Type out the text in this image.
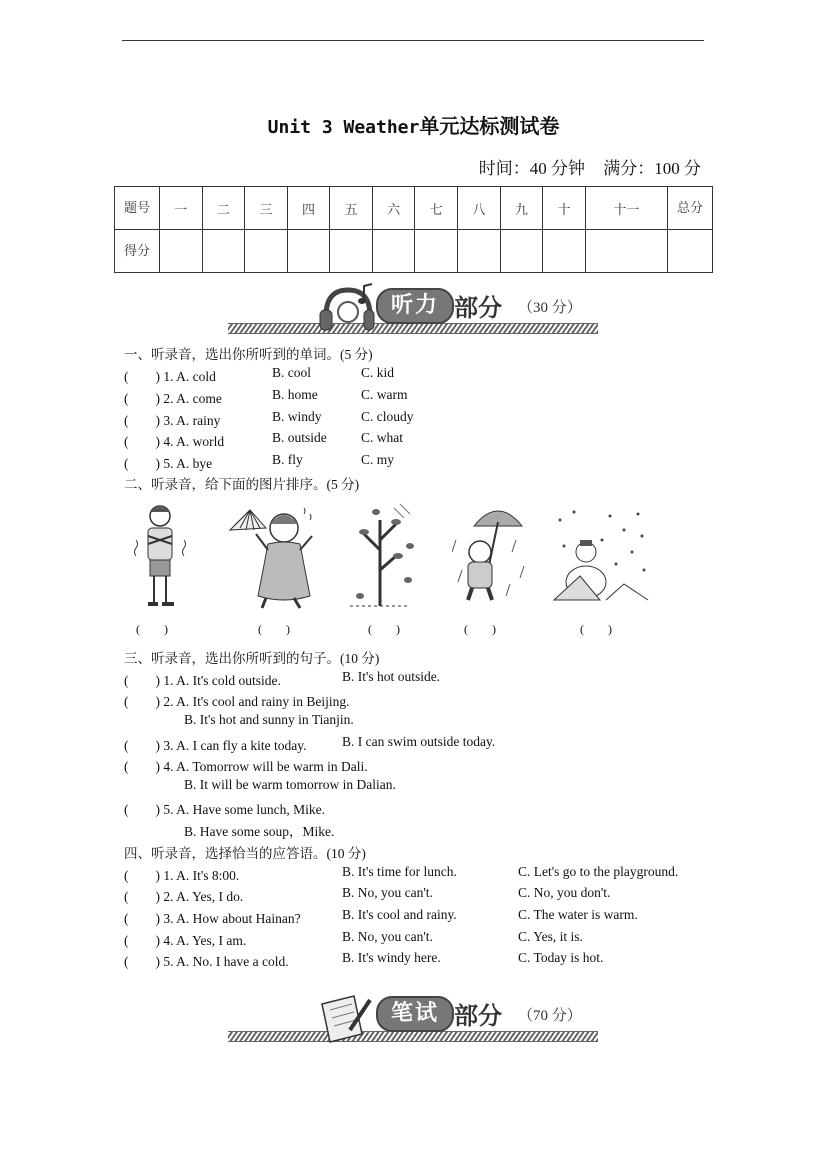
Unit 3 Weather单元达标测试卷
时间：40 分钟 满分：100 分
题号	一	二	三	四	五	六	七	八	九	十	十一	总分
得分												
听力 部分 （30 分）
一、听录音，选出你所听到的单词。(5 分)
(　　) 1. A. cold	B. cool	C. kid
(　　) 2. A. come	B. home	C. warm
(　　) 3. A. rainy	B. windy	C. cloudy
(　　) 4. A. world	B. outside	C. what
(　　) 5. A. bye	B. fly	C. my
二、听录音，给下面的图片排序。(5 分)
(　　)	(　　)	(　　)	(　　)	(　　)
三、听录音，选出你所听到的句子。(10 分)
(　　) 1. A. It's cold outside.	B. It's hot outside.
(　　) 2. A. It's cool and rainy in Beijing.
B. It's hot and sunny in Tianjin.
(　　) 3. A. I can fly a kite today.	B. I can swim outside today.
(　　) 4. A. Tomorrow will be warm in Dali.
B. It will be warm tomorrow in Dalian.
(　　) 5. A. Have some lunch, Mike.
B. Have some soup，Mike.
四、听录音，选择恰当的应答语。(10 分)
(　　) 1. A. It's 8:00.	B. It's time for lunch.	C. Let's go to the playground.
(　　) 2. A. Yes, I do.	B. No, you can't.	C. No, you don't.
(　　) 3. A. How about Hainan?	B. It's cool and rainy.	C. The water is warm.
(　　) 4. A. Yes, I am.	B. No, you can't.	C. Yes, it is.
(　　) 5. A. No. I have a cold.	B. It's windy here.	C. Today is hot.
笔试 部分 （70 分）
